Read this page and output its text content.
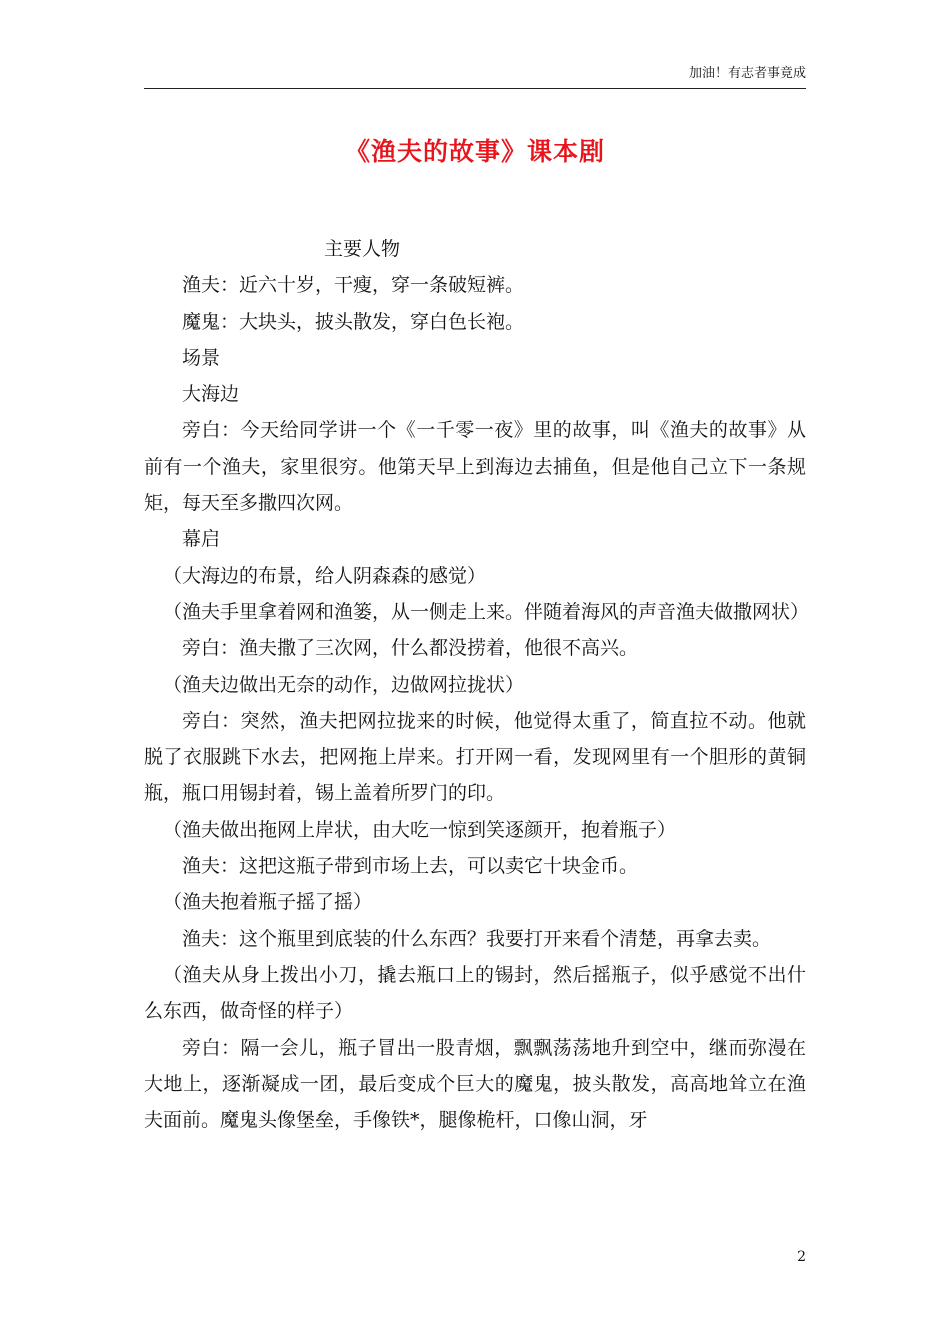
加油！有志者事竟成
《渔夫的故事》课本剧

主要人物

渔夫：近六十岁，干瘦，穿一条破短裤。

魔鬼：大块头，披头散发，穿白色长袍。

场景

大海边

旁白：今天给同学讲一个《一千零一夜》里的故事，叫《渔夫的故事》从前有一个渔夫，家里很穷。他第天早上到海边去捕鱼，但是他自己立下一条规矩，每天至多撒四次网。

幕启

（大海边的布景，给人阴森森的感觉）

（渔夫手里拿着网和渔篓，从一侧走上来。伴随着海风的声音渔夫做撒网状）

旁白：渔夫撒了三次网，什么都没捞着，他很不高兴。

（渔夫边做出无奈的动作，边做网拉拢状）

旁白：突然，渔夫把网拉拢来的时候，他觉得太重了，简直拉不动。他就脱了衣服跳下水去，把网拖上岸来。打开网一看，发现网里有一个胆形的黄铜瓶，瓶口用锡封着，锡上盖着所罗门的印。

（渔夫做出拖网上岸状，由大吃一惊到笑逐颜开，抱着瓶子）

渔夫：这把这瓶子带到市场上去，可以卖它十块金币。

（渔夫抱着瓶子摇了摇）

渔夫：这个瓶里到底装的什么东西？我要打开来看个清楚，再拿去卖。

（渔夫从身上拨出小刀，撬去瓶口上的锡封，然后摇瓶子，似乎感觉不出什么东西，做奇怪的样子）

旁白：隔一会儿，瓶子冒出一股青烟，飘飘荡荡地升到空中，继而弥漫在大地上，逐渐凝成一团，最后变成个巨大的魔鬼，披头散发，高高地耸立在渔夫面前。魔鬼头像堡垒，手像铁*，腿像桅杆，口像山洞，牙

2
